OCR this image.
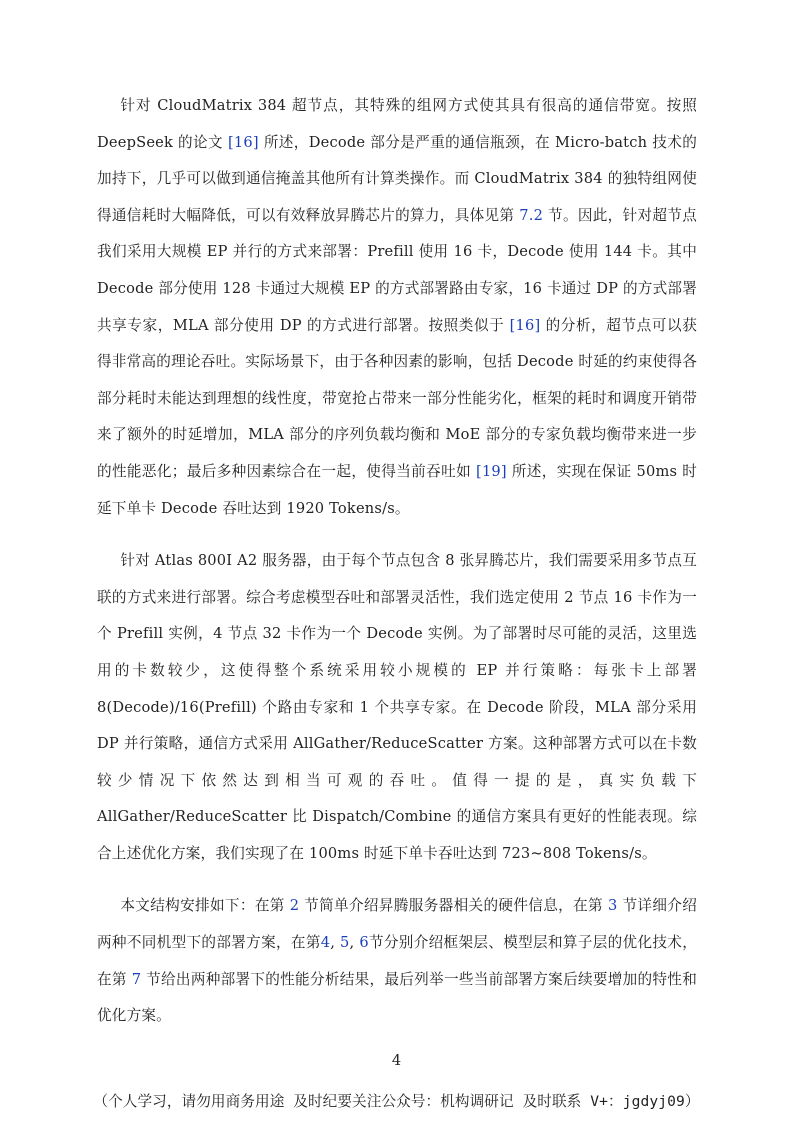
针对 CloudMatrix 384 超节点，其特殊的组网方式使其具有很高的通信带宽。按照 DeepSeek 的论文 [16] 所述，Decode 部分是严重的通信瓶颈，在 Micro-batch 技术的加持下，几乎可以做到通信掩盖其他所有计算类操作。而 CloudMatrix 384 的独特组网使得通信耗时大幅降低，可以有效释放昇腾芯片的算力，具体见第 7.2 节。因此，针对超节点我们采用大规模 EP 并行的方式来部署：Prefill 使用 16 卡，Decode 使用 144 卡。其中 Decode 部分使用 128 卡通过大规模 EP 的方式部署路由专家，16 卡通过 DP 的方式部署共享专家，MLA 部分使用 DP 的方式进行部署。按照类似于 [16] 的分析，超节点可以获得非常高的理论吞吐。实际场景下，由于各种因素的影响，包括 Decode 时延的约束使得各部分耗时未能达到理想的线性度，带宽抢占带来一部分性能劣化，框架的耗时和调度开销带来了额外的时延增加，MLA 部分的序列负载均衡和 MoE 部分的专家负载均衡带来进一步的性能恶化；最后多种因素综合在一起，使得当前吞吐如 [19] 所述，实现在保证 50ms 时延下单卡 Decode 吞吐达到 1920 Tokens/s。

针对 Atlas 800I A2 服务器，由于每个节点包含 8 张昇腾芯片，我们需要采用多节点互联的方式来进行部署。综合考虑模型吞吐和部署灵活性，我们选定使用 2 节点 16 卡作为一个 Prefill 实例，4 节点 32 卡作为一个 Decode 实例。为了部署时尽可能的灵活，这里选用的卡数较少，这使得整个系统采用较小规模的 EP 并行策略：每张卡上部署 8(Decode)/16(Prefill) 个路由专家和 1 个共享专家。在 Decode 阶段，MLA 部分采用 DP 并行策略，通信方式采用 AllGather/ReduceScatter 方案。这种部署方式可以在卡数较少情况下依然达到相当可观的吞吐。值得一提的是，真实负载下 AllGather/ReduceScatter 比 Dispatch/Combine 的通信方案具有更好的性能表现。综合上述优化方案，我们实现了在 100ms 时延下单卡吞吐达到 723~808 Tokens/s。

本文结构安排如下：在第 2 节简单介绍昇腾服务器相关的硬件信息，在第 3 节详细介绍两种不同机型下的部署方案，在第4, 5, 6节分别介绍框架层、模型层和算子层的优化技术，在第 7 节给出两种部署下的性能分析结果，最后列举一些当前部署方案后续要增加的特性和优化方案。

4
（个人学习，请勿用商务用途 及时纪要关注公众号：机构调研记 及时联系 V+：jgdyj09）
